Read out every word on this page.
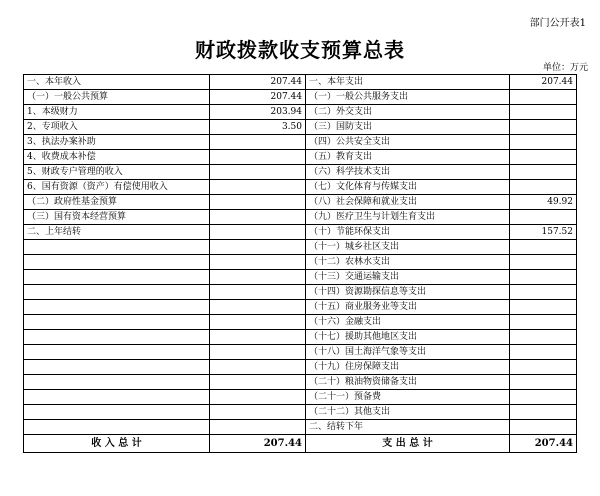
部门公开表1
财政拨款收支预算总表
单位：万元
一、本年收入	207.44	一、本年支出	207.44
（一）一般公共预算	207.44	（一）一般公共服务支出	
1、本级财力	203.94	（二）外交支出	
2、专项收入	3.50	（三）国防支出	
3、执法办案补助		（四）公共安全支出	
4、收费成本补偿		（五）教育支出	
5、财政专户管理的收入		（六）科学技术支出	
6、国有资源（资产）有偿使用收入		（七）文化体育与传媒支出	
（二）政府性基金预算		（八）社会保障和就业支出	49.92
（三）国有资本经营预算		（九）医疗卫生与计划生育支出	
二、上年结转		（十）节能环保支出	157.52
		（十一）城乡社区支出	
		（十二）农林水支出	
		（十三）交通运输支出	
		（十四）资源勘探信息等支出	
		（十五）商业服务业等支出	
		（十六）金融支出	
		（十七）援助其他地区支出	
		（十八）国土海洋气象等支出	
		（十九）住房保障支出	
		（二十）粮油物资储备支出	
		（二十一）预备费	
		（二十二）其他支出	
		二、结转下年	
收 入 总 计	207.44	支 出 总 计	207.44
